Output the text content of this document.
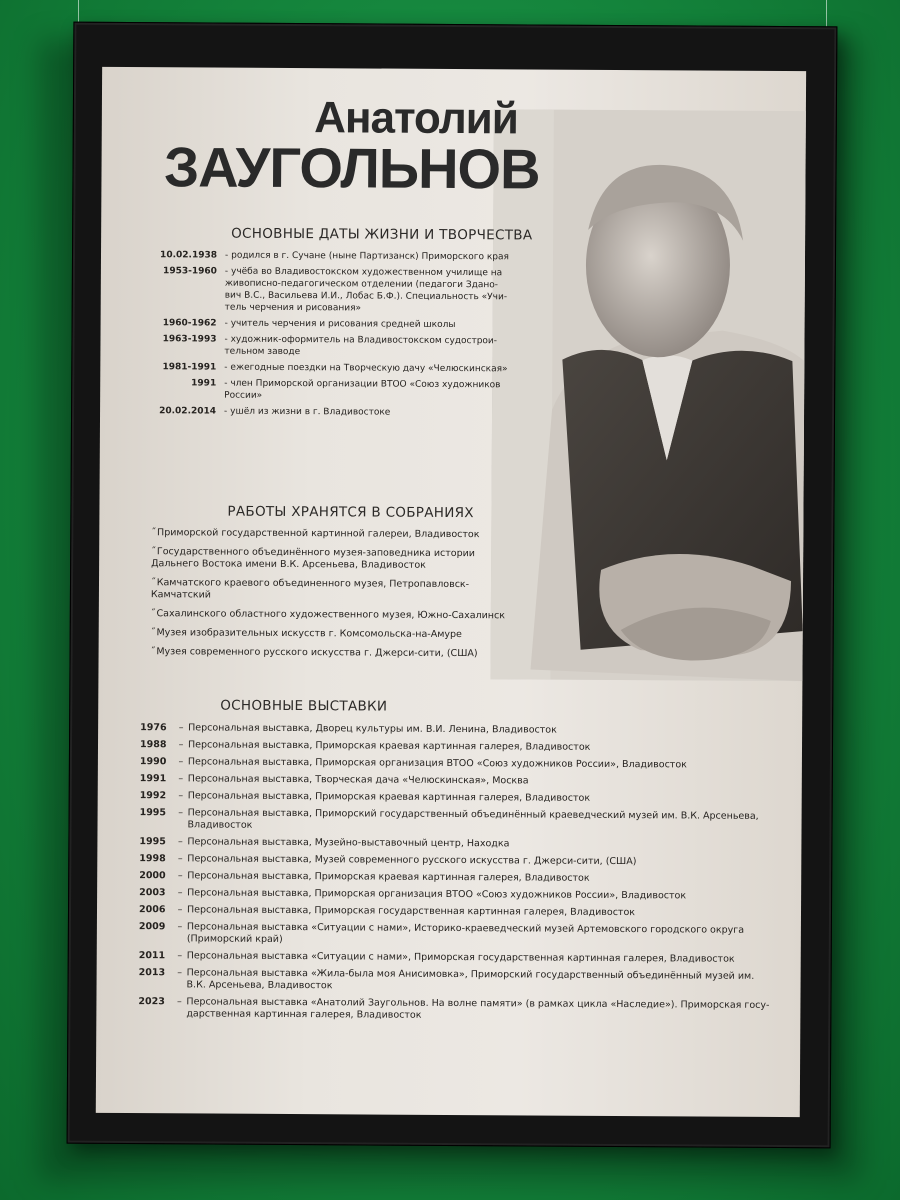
Анатолий
ЗАУГОЛЬНОВ
ОСНОВНЫЕ ДАТЫ ЖИЗНИ И ТВОРЧЕСТВА
10.02.1938 - родился в г. Сучане (ныне Партизанск) Приморского края
1953-1960 - учёба во Владивостокском художественном училище на живописно-педагогическом отделении (педагоги Здано- вич В.С., Васильева И.И., Лобас Б.Ф.). Специальность «Учи- тель черчения и рисования»
1960-1962 - учитель черчения и рисования средней школы
1963-1993 - художник-оформитель на Владивостокском судострои- тельном заводе
1981-1991 - ежегодные поездки на Творческую дачу «Челюскинская»
1991 - член Приморской организации ВТОО «Союз художников России»
20.02.2014 - ушёл из жизни в г. Владивостоке
РАБОТЫ ХРАНЯТСЯ В СОБРАНИЯХ
˝ Приморской государственной картинной галереи, Владивосток
˝ Государственного объединённого музея-заповедника истории Дальнего Востока имени В.К. Арсеньева, Владивосток
˝ Камчатского краевого объединенного музея, Петропавловск-Камчатский
˝ Сахалинского областного художественного музея, Южно-Сахалинск
˝ Музея изобразительных искусств г. Комсомольска-на-Амуре
˝ Музея современного русского искусства г. Джерси-сити, (США)
ОСНОВНЫЕ ВЫСТАВКИ
1976	– Персональная выставка, Дворец культуры им. В.И. Ленина, Владивосток
1988	– Персональная выставка, Приморская краевая картинная галерея, Владивосток
1990	– Персональная выставка, Приморская организация ВТОО «Союз художников России», Владивосток
1991	– Персональная выставка, Творческая дача «Челюскинская», Москва
1992	– Персональная выставка, Приморская краевая картинная галерея, Владивосток
1995	– Персональная выставка, Приморский государственный объединённый краеведческий музей им. В.К. Арсеньева, Владивосток
1995	– Персональная выставка, Музейно-выставочный центр, Находка
1998	– Персональная выставка, Музей современного русского искусства г. Джерси-сити, (США)
2000	– Персональная выставка, Приморская краевая картинная галерея, Владивосток
2003	– Персональная выставка, Приморская организация ВТОО «Союз художников России», Владивосток
2006	– Персональная выставка, Приморская государственная картинная галерея, Владивосток
2009	– Персональная выставка «Ситуации с нами», Историко-краеведческий музей Артемовского городского округа (Приморский край)
2011	– Персональная выставка «Ситуации с нами», Приморская государственная картинная галерея, Владивосток
2013	– Персональная выставка «Жила-была моя Анисимовка», Приморский государственный объединённый музей им. В.К. Арсеньева, Владивосток
2023	– Персональная выставка «Анатолий Заугольнов. На волне памяти» (в рамках цикла «Наследие»). Приморская госу- дарственная картинная галерея, Владивосток
